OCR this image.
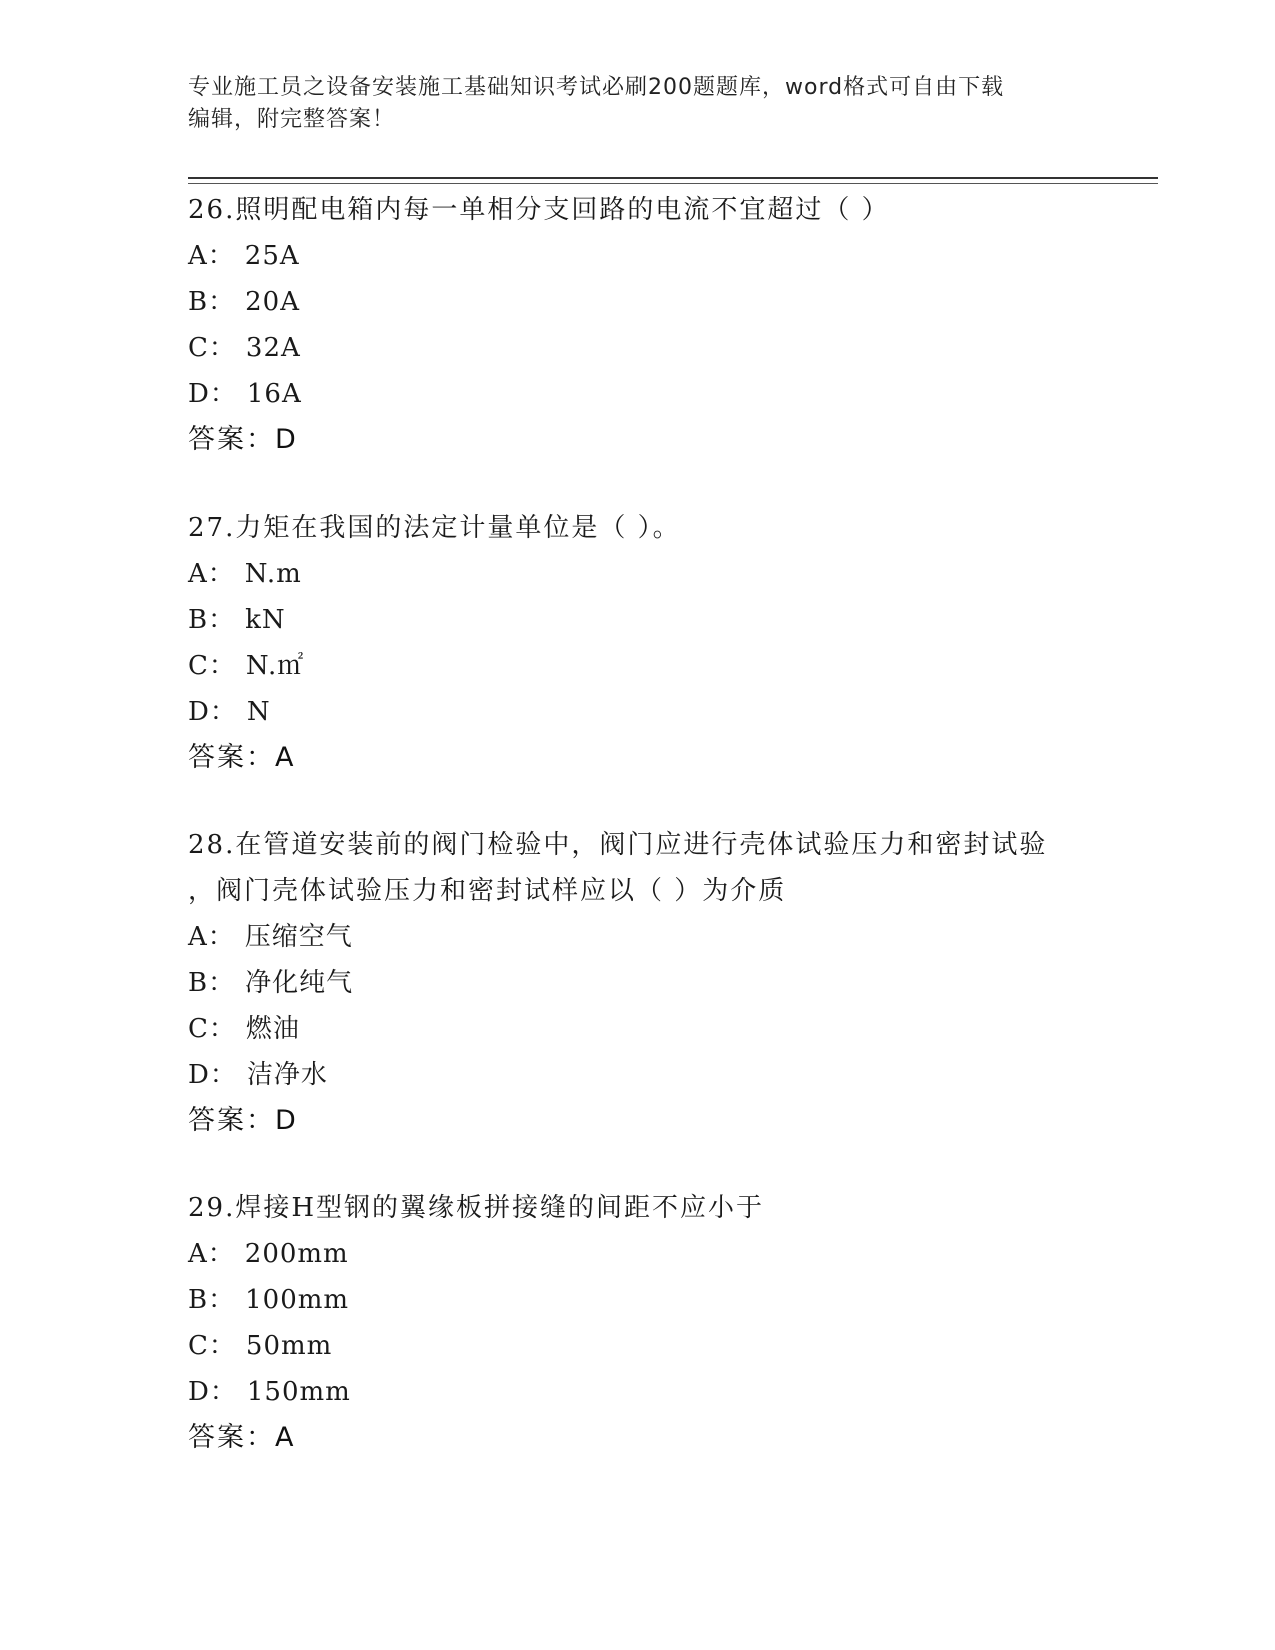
专业施工员之设备安装施工基础知识考试必刷200题题库，word格式可自由下载
编辑，附完整答案！

26.照明配电箱内每一单相分支回路的电流不宜超过（ ）

A： 25A

B： 20A

C： 32A

D： 16A

答案：D

27.力矩在我国的法定计量单位是（ ）。

A： N.m

B： kN

C： N.㎡

D： N

答案：A

28.在管道安装前的阀门检验中，阀门应进行壳体试验压力和密封试验

，阀门壳体试验压力和密封试样应以（ ）为介质

A： 压缩空气

B： 净化纯气

C： 燃油

D： 洁净水

答案：D

29.焊接H型钢的翼缘板拼接缝的间距不应小于

A： 200mm

B： 100mm

C： 50mm

D： 150mm

答案：A
